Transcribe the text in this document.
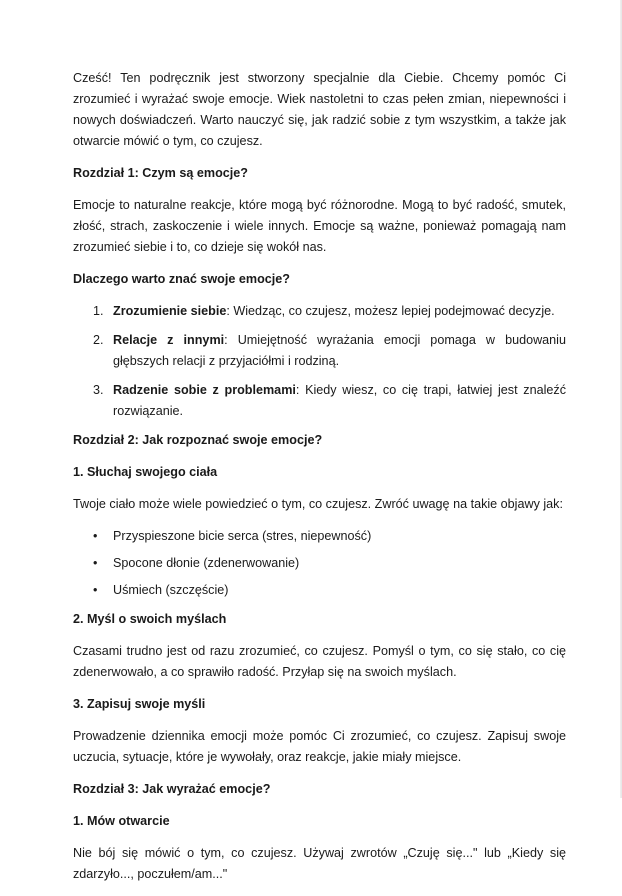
Cześć! Ten podręcznik jest stworzony specjalnie dla Ciebie. Chcemy pomóc Ci zrozumieć i wyrażać swoje emocje. Wiek nastoletni to czas pełen zmian, niepewności i nowych doświadczeń. Warto nauczyć się, jak radzić sobie z tym wszystkim, a także jak otwarcie mówić o tym, co czujesz.

Rozdział 1: Czym są emocje?

Emocje to naturalne reakcje, które mogą być różnorodne. Mogą to być radość, smutek, złość, strach, zaskoczenie i wiele innych. Emocje są ważne, ponieważ pomagają nam zrozumieć siebie i to, co dzieje się wokół nas.

Dlaczego warto znać swoje emocje?
1. Zrozumienie siebie: Wiedząc, co czujesz, możesz lepiej podejmować decyzje.
2. Relacje z innymi: Umiejętność wyrażania emocji pomaga w budowaniu głębszych relacji z przyjaciółmi i rodziną.
3. Radzenie sobie z problemami: Kiedy wiesz, co cię trapi, łatwiej jest znaleźć rozwiązanie.
Rozdział 2: Jak rozpoznać swoje emocje?
1. Słuchaj swojego ciała

Twoje ciało może wiele powiedzieć o tym, co czujesz. Zwróć uwagę na takie objawy jak:

• Przyspieszone bicie serca (stres, niepewność)
• Spocone dłonie (zdenerwowanie)
• Uśmiech (szczęście)
2. Myśl o swoich myślach

Czasami trudno jest od razu zrozumieć, co czujesz. Pomyśl o tym, co się stało, co cię zdenerwowało, a co sprawiło radość. Przyłap się na swoich myślach.

3. Zapisuj swoje myśli

Prowadzenie dziennika emocji może pomóc Ci zrozumieć, co czujesz. Zapisuj swoje uczucia, sytuacje, które je wywołały, oraz reakcje, jakie miały miejsce.

Rozdział 3: Jak wyrażać emocje?
1. Mów otwarcie

Nie bój się mówić o tym, co czujesz. Używaj zwrotów „Czuję się..." lub „Kiedy się zdarzyło..., poczułem/am..."
